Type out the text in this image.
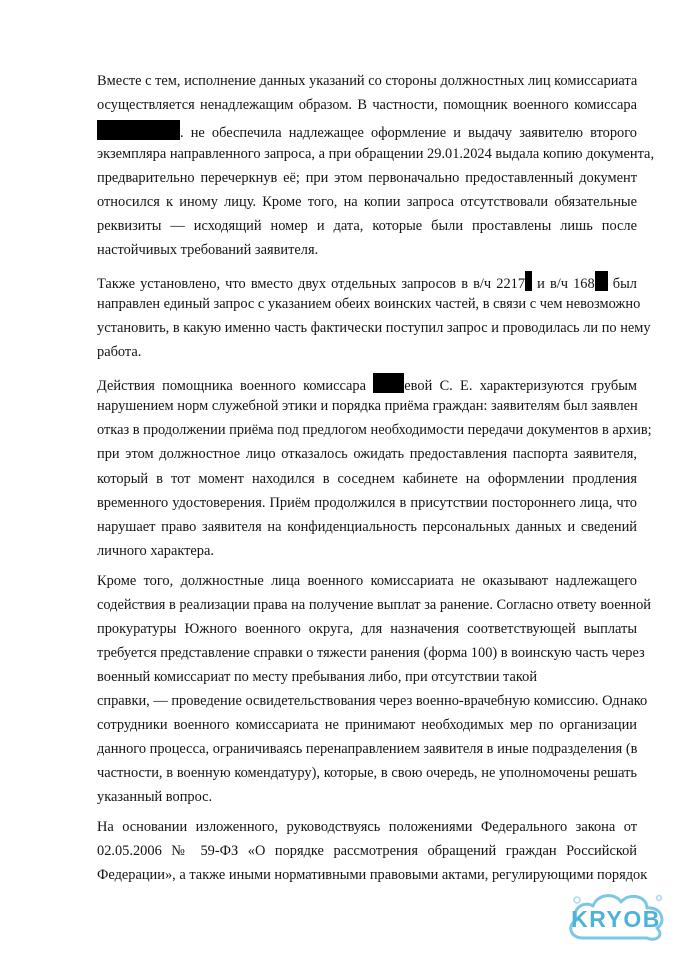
Вместе с тем, исполнение данных указаний со стороны должностных лиц комиссариата
осуществляется ненадлежащим образом. В частности, помощник военного комиссара
. не обеспечила надлежащее оформление и выдачу заявителю второго
экземпляра направленного запроса, а при обращении 29.01.2024 выдала копию документа,
предварительно перечеркнув её; при этом первоначально предоставленный документ
относился к иному лицу. Кроме того, на копии запроса отсутствовали обязательные
реквизиты — исходящий номер и дата, которые были проставлены лишь после
настойчивых требований заявителя.
Также установлено, что вместо двух отдельных запросов в в/ч 2217 и в/ч 168 был
направлен единый запрос с указанием обеих воинских частей, в связи с чем невозможно
установить, в какую именно часть фактически поступил запрос и проводилась ли по нему
работа.
Действия помощника военного комиссара евой С. Е. характеризуются грубым
нарушением норм служебной этики и порядка приёма граждан: заявителям был заявлен
отказ в продолжении приёма под предлогом необходимости передачи документов в архив;
при этом должностное лицо отказалось ожидать предоставления паспорта заявителя,
который в тот момент находился в соседнем кабинете на оформлении продления
временного удостоверения. Приём продолжился в присутствии постороннего лица, что
нарушает право заявителя на конфиденциальность персональных данных и сведений
личного характера.
Кроме того, должностные лица военного комиссариата не оказывают надлежащего
содействия в реализации права на получение выплат за ранение. Согласно ответу военной
прокуратуры Южного военного округа, для назначения соответствующей выплаты
требуется представление справки о тяжести ранения (форма 100) в воинскую часть через
военный комиссариат по месту пребывания либо, при отсутствии такой
справки, — проведение освидетельствования через военно-врачебную комиссию. Однако
сотрудники военного комиссариата не принимают необходимых мер по организации
данного процесса, ограничиваясь перенаправлением заявителя в иные подразделения (в
частности, в военную комендатуру), которые, в свою очередь, не уполномочены решать
указанный вопрос.
На основании изложенного, руководствуясь положениями Федерального закона от
02.05.2006 № 59-ФЗ «О порядке рассмотрения обращений граждан Российской
Федерации», а также иными нормативными правовыми актами, регулирующими порядок
KRYOB
